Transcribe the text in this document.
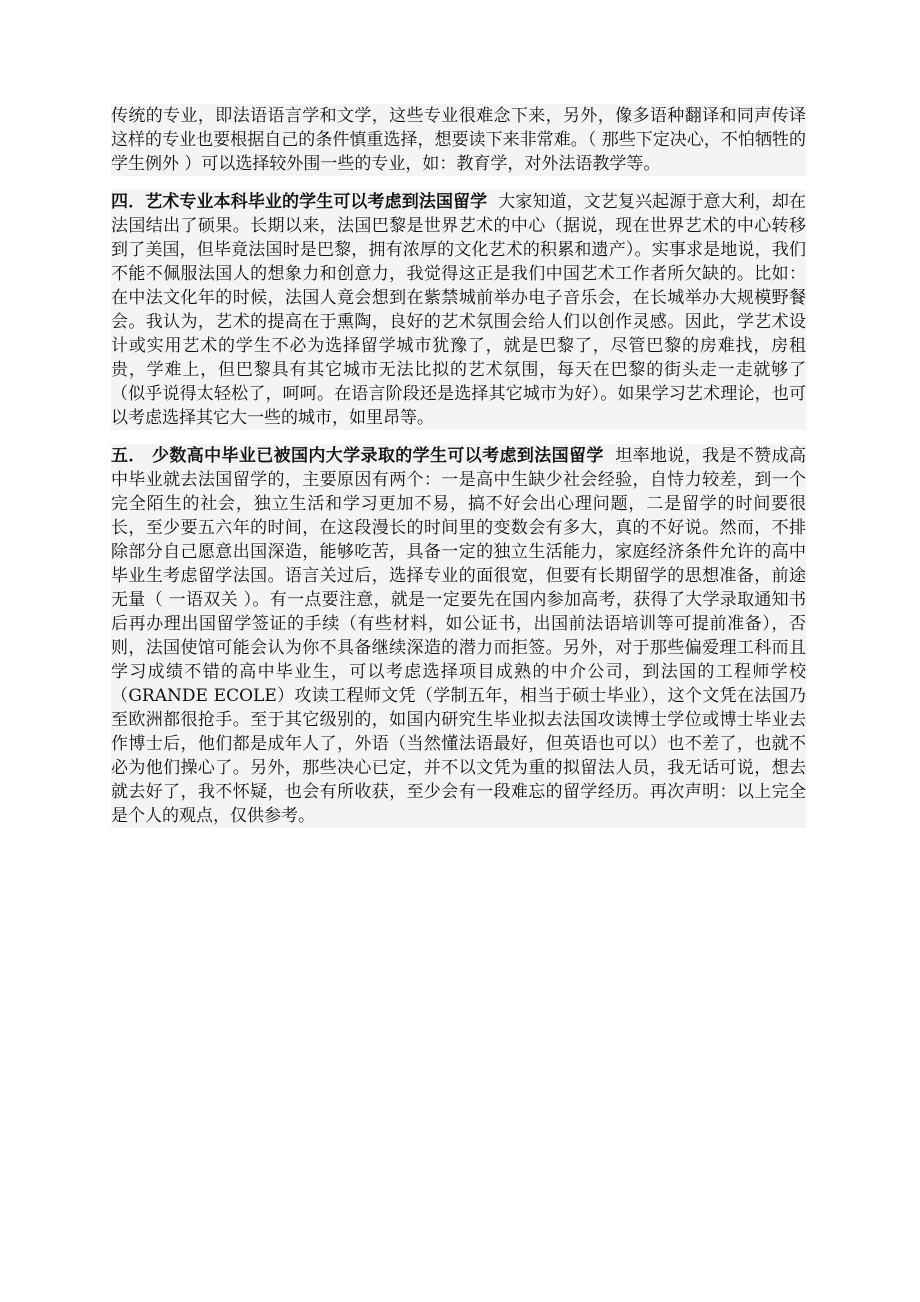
传统的专业，即法语语言学和文学，这些专业很难念下来，另外，像多语种翻译和同声传译这样的专业也要根据自己的条件慎重选择，想要读下来非常难。（ 那些下定决心，不怕牺牲的学生例外 ）可以选择较外围一些的专业，如：教育学，对外法语教学等。

四．艺术专业本科毕业的学生可以考虑到法国留学 大家知道，文艺复兴起源于意大利，却在法国结出了硕果。长期以来，法国巴黎是世界艺术的中心（据说，现在世界艺术的中心转移到了美国，但毕竟法国时是巴黎，拥有浓厚的文化艺术的积累和遗产）。实事求是地说，我们不能不佩服法国人的想象力和创意力，我觉得这正是我们中国艺术工作者所欠缺的。比如：在中法文化年的时候，法国人竟会想到在紫禁城前举办电子音乐会，在长城举办大规模野餐会。我认为，艺术的提高在于熏陶，良好的艺术氛围会给人们以创作灵感。因此，学艺术设计或实用艺术的学生不必为选择留学城市犹豫了，就是巴黎了，尽管巴黎的房难找，房租贵，学难上，但巴黎具有其它城市无法比拟的艺术氛围，每天在巴黎的街头走一走就够了（似乎说得太轻松了，呵呵。在语言阶段还是选择其它城市为好）。如果学习艺术理论，也可以考虑选择其它大一些的城市，如里昂等。

五． 少数高中毕业已被国内大学录取的学生可以考虑到法国留学 坦率地说，我是不赞成高中毕业就去法国留学的，主要原因有两个：一是高中生缺少社会经验，自恃力较差，到一个完全陌生的社会，独立生活和学习更加不易，搞不好会出心理问题，二是留学的时间要很长，至少要五六年的时间，在这段漫长的时间里的变数会有多大，真的不好说。然而，不排除部分自己愿意出国深造，能够吃苦，具备一定的独立生活能力，家庭经济条件允许的高中毕业生考虑留学法国。语言关过后，选择专业的面很宽，但要有长期留学的思想准备，前途无量（ 一语双关 ）。有一点要注意，就是一定要先在国内参加高考，获得了大学录取通知书后再办理出国留学签证的手续（有些材料，如公证书，出国前法语培训等可提前准备），否则，法国使馆可能会认为你不具备继续深造的潜力而拒签。另外，对于那些偏爱理工科而且学习成绩不错的高中毕业生，可以考虑选择项目成熟的中介公司，到法国的工程师学校（GRANDE ECOLE）攻读工程师文凭（学制五年，相当于硕士毕业），这个文凭在法国乃至欧洲都很抢手。至于其它级别的，如国内研究生毕业拟去法国攻读博士学位或博士毕业去作博士后，他们都是成年人了，外语（当然懂法语最好，但英语也可以）也不差了，也就不必为他们操心了。另外，那些决心已定，并不以文凭为重的拟留法人员，我无话可说，想去就去好了，我不怀疑，也会有所收获，至少会有一段难忘的留学经历。再次声明：以上完全是个人的观点，仅供参考。
